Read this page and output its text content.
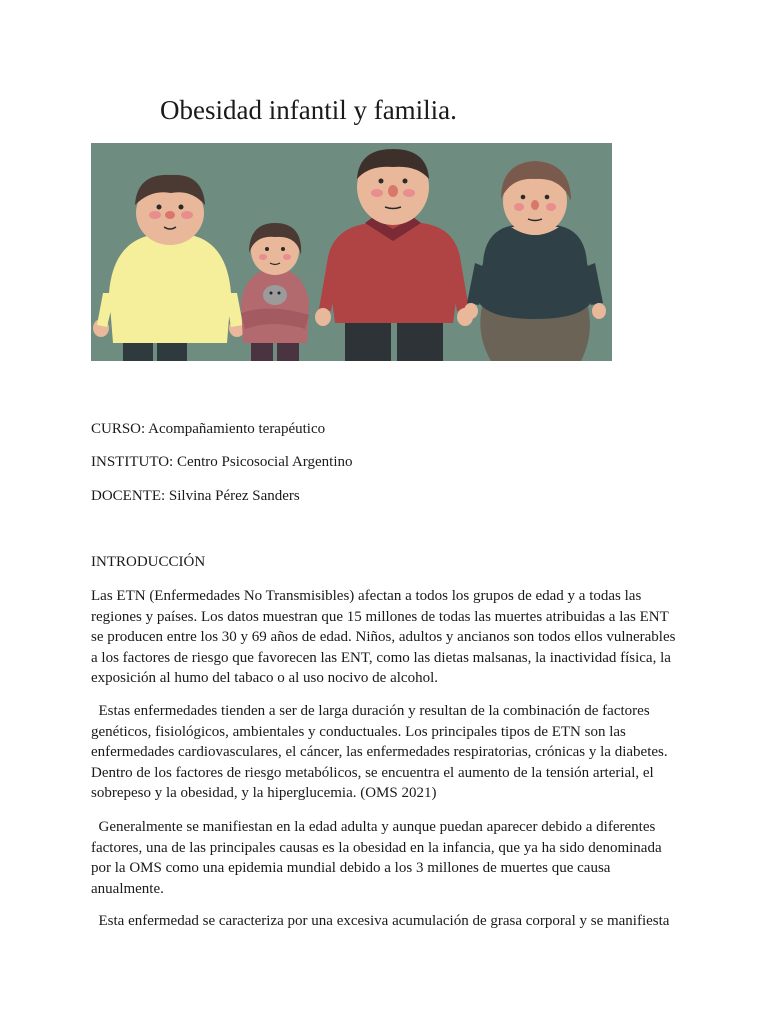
Obesidad infantil y familia.

CURSO: Acompañamiento terapéutico

INSTITUTO: Centro Psicosocial Argentino

DOCENTE: Silvina Pérez Sanders

INTRODUCCIÓN

Las ETN (Enfermedades No Transmisibles) afectan a todos los grupos de edad y a todas las regiones y países. Los datos muestran que 15 millones de todas las muertes atribuidas a las ENT se producen entre los 30 y 69 años de edad. Niños, adultos y ancianos son todos ellos vulnerables a los factores de riesgo que favorecen las ENT, como las dietas malsanas, la inactividad física, la exposición al humo del tabaco o al uso nocivo de alcohol.

Estas enfermedades tienden a ser de larga duración y resultan de la combinación de factores genéticos, fisiológicos, ambientales y conductuales. Los principales tipos de ETN son las enfermedades cardiovasculares, el cáncer, las enfermedades respiratorias, crónicas y la diabetes. Dentro de los factores de riesgo metabólicos, se encuentra el aumento de la tensión arterial, el sobrepeso y la obesidad, y la hiperglucemia. (OMS 2021)

Generalmente se manifiestan en la edad adulta y aunque puedan aparecer debido a diferentes factores, una de las principales causas es la obesidad en la infancia, que ya ha sido denominada por la OMS como una epidemia mundial debido a los 3 millones de muertes que causa anualmente.

Esta enfermedad se caracteriza por una excesiva acumulación de grasa corporal y se manifiesta
